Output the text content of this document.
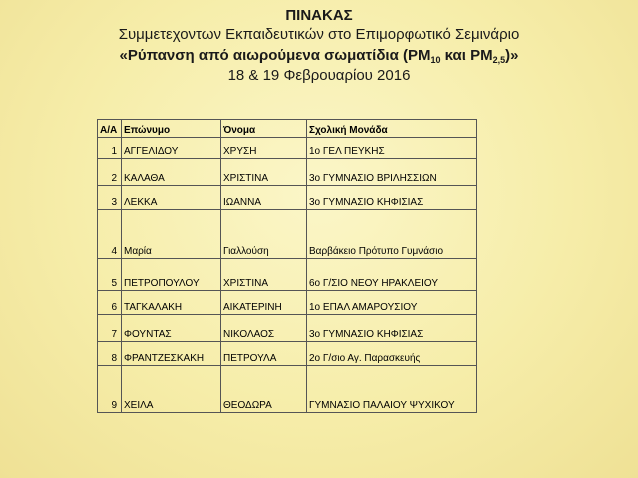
ΠΙΝΑΚΑΣ
Συμμετεχοντων Εκπαιδευτικών στο Επιμορφωτικό Σεμινάριο
«Ρύπανση από αιωρούμενα σωματίδια ($PM_{10}$ και $PM_{2,5}$)»
18 & 19 Φεβρουαρίου 2016
Α/Α	Επώνυμο	Όνομα	Σχολική Μονάδα
1	ΑΓΓΕΛΙΔΟΥ	ΧΡΥΣΗ	1ο ΓΕΛ ΠΕΥΚΗΣ
2	ΚΑΛΑΘΑ	ΧΡΙΣΤΙΝΑ	3ο ΓΥΜΝΑΣΙΟ ΒΡΙΛΗΣΣΙΩΝ
3	ΛΕΚΚΑ	ΙΩΑΝΝΑ	3ο ΓΥΜΝΑΣΙΟ ΚΗΦΙΣΙΑΣ
4	Μαρία	Γιαλλούση	Βαρβάκειο Πρότυπο Γυμνάσιο
5	ΠΕΤΡΟΠΟΥΛΟΥ	ΧΡΙΣΤΙΝΑ	6ο Γ/ΣΙΟ ΝΕΟΥ ΗΡΑΚΛΕΙΟΥ
6	ΤΑΓΚΑΛΑΚΗ	ΑΙΚΑΤΕΡΙΝΗ	1ο ΕΠΑΛ ΑΜΑΡΟΥΣΙΟΥ
7	ΦΟΥΝΤΑΣ	ΝΙΚΟΛΑΟΣ	3ο ΓΥΜΝΑΣΙΟ ΚΗΦΙΣΙΑΣ
8	ΦΡΑΝΤΖΕΣΚΑΚΗ	ΠΕΤΡΟΥΛΑ	2ο Γ/σιο Αγ. Παρασκευής
9	ΧΕΙΛΑ	ΘΕΟΔΩΡΑ	ΓΥΜΝΑΣΙΟ ΠΑΛΑΙΟΥ ΨΥΧΙΚΟΥ
